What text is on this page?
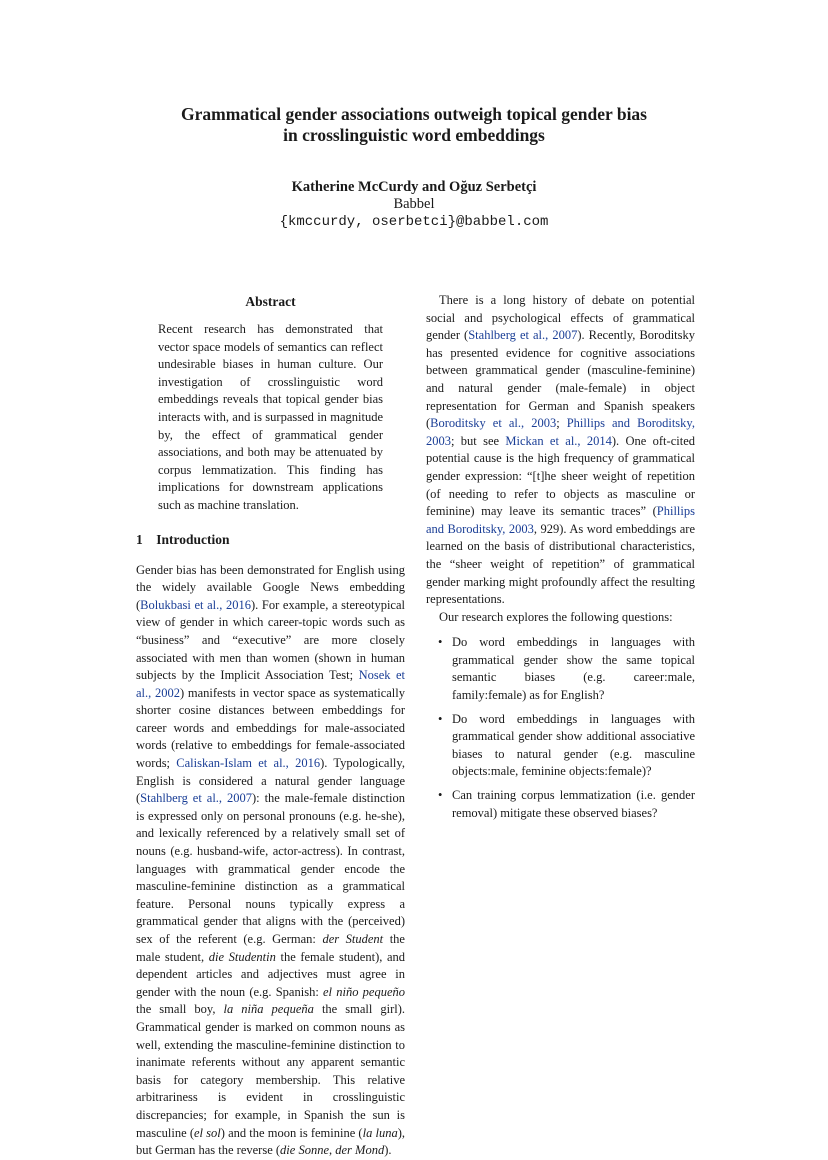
Grammatical gender associations outweigh topical gender bias
in crosslinguistic word embeddings
Katherine McCurdy and Oğuz Serbetçi
Babbel
{kmccurdy, oserbetci}@babbel.com
Abstract

Recent research has demonstrated that vector space models of semantics can reflect undesirable biases in human culture. Our investigation of crosslinguistic word embeddings reveals that topical gender bias interacts with, and is surpassed in magnitude by, the effect of grammatical gender associations, and both may be attenuated by corpus lemmatization. This finding has implications for downstream applications such as machine translation.

1 Introduction

Gender bias has been demonstrated for English using the widely available Google News embedding (Bolukbasi et al., 2016). For example, a stereotypical view of gender in which career-topic words such as “business” and “executive” are more closely associated with men than women (shown in human subjects by the Implicit Association Test; Nosek et al., 2002) manifests in vector space as systematically shorter cosine distances between embeddings for career words and embeddings for male-associated words (relative to embeddings for female-associated words; Caliskan-Islam et al., 2016). Typologically, English is considered a natural gender language (Stahlberg et al., 2007): the male-female distinction is expressed only on personal pronouns (e.g. he-she), and lexically referenced by a relatively small set of nouns (e.g. husband-wife, actor-actress). In contrast, languages with grammatical gender encode the masculine-feminine distinction as a grammatical feature. Personal nouns typically express a grammatical gender that aligns with the (perceived) sex of the referent (e.g. German: der Student the male student, die Studentin the female student), and dependent articles and adjectives must agree in gender with the noun (e.g. Spanish: el niño pequeño the small boy, la niña pequeña the small girl). Grammatical gender is marked on common nouns as well, extending the masculine-feminine distinction to inanimate referents without any apparent semantic basis for category membership. This relative arbitrariness is evident in crosslinguistic discrepancies; for example, in Spanish the sun is masculine (el sol) and the moon is feminine (la luna), but German has the reverse (die Sonne, der Mond).

There is a long history of debate on potential social and psychological effects of grammatical gender (Stahlberg et al., 2007). Recently, Boroditsky has presented evidence for cognitive associations between grammatical gender (masculine-feminine) and natural gender (male-female) in object representation for German and Spanish speakers (Boroditsky et al., 2003; Phillips and Boroditsky, 2003; but see Mickan et al., 2014). One oft-cited potential cause is the high frequency of grammatical gender expression: “[t]he sheer weight of repetition (of needing to refer to objects as masculine or feminine) may leave its semantic traces” (Phillips and Boroditsky, 2003, 929). As word embeddings are learned on the basis of distributional characteristics, the “sheer weight of repetition” of grammatical gender marking might profoundly affect the resulting representations.

Our research explores the following questions:

• Do word embeddings in languages with grammatical gender show the same topical semantic biases (e.g. career:male, family:female) as for English?
• Do word embeddings in languages with grammatical gender show additional associative biases to natural gender (e.g. masculine objects:male, feminine objects:female)?
• Can training corpus lemmatization (i.e. gender removal) mitigate these observed biases?
